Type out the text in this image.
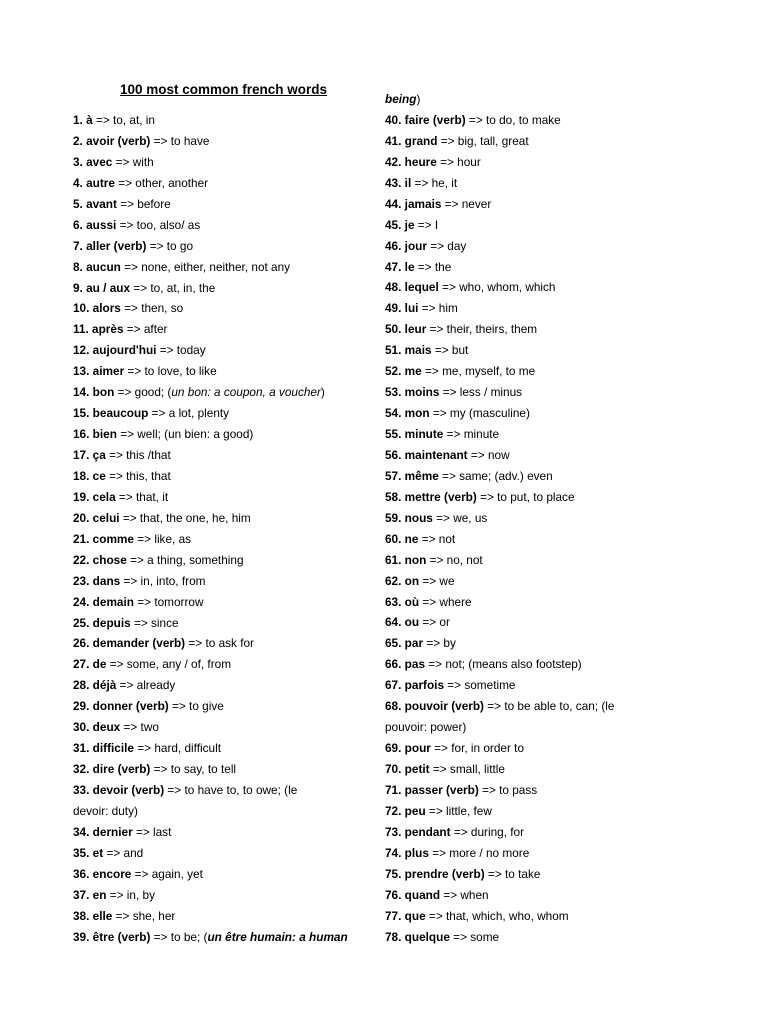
100 most common french words
1. à => to, at, in
2. avoir (verb) => to have
3. avec => with
4. autre => other, another
5. avant => before
6. aussi => too, also/ as
7. aller (verb) => to go
8. aucun => none, either, neither, not any
9. au / aux => to, at, in, the
10. alors => then, so
11. après => after
12. aujourd'hui => today
13. aimer => to love, to like
14. bon => good; (un bon: a coupon, a voucher)
15. beaucoup => a lot, plenty
16. bien => well; (un bien: a good)
17. ça => this /that
18. ce => this, that
19. cela => that, it
20. celui => that, the one, he, him
21. comme => like, as
22. chose => a thing, something
23. dans => in, into, from
24. demain => tomorrow
25. depuis => since
26. demander (verb) => to ask for
27. de => some, any / of, from
28. déjà => already
29. donner (verb) => to give
30. deux => two
31. difficile => hard, difficult
32. dire (verb) => to say, to tell
33. devoir (verb) => to have to, to owe; (le
devoir: duty)
34. dernier => last
35. et => and
36. encore => again, yet
37. en => in, by
38. elle => she, her
39. être (verb) => to be; (un être humain: a human
being)
40. faire (verb) => to do, to make
41. grand => big, tall, great
42. heure => hour
43. il => he, it
44. jamais => never
45. je => I
46. jour => day
47. le => the
48. lequel => who, whom, which
49. lui => him
50. leur => their, theirs, them
51. mais => but
52. me => me, myself, to me
53. moins => less / minus
54. mon => my (masculine)
55. minute => minute
56. maintenant => now
57. même => same; (adv.) even
58. mettre (verb) => to put, to place
59. nous => we, us
60. ne => not
61. non => no, not
62. on => we
63. où => where
64. ou => or
65. par => by
66. pas => not; (means also footstep)
67. parfois => sometime
68. pouvoir (verb) => to be able to, can; (le
pouvoir: power)
69. pour => for, in order to
70. petit => small, little
71. passer (verb) => to pass
72. peu => little, few
73. pendant => during, for
74. plus => more / no more
75. prendre (verb) => to take
76. quand => when
77. que => that, which, who, whom
78. quelque => some
